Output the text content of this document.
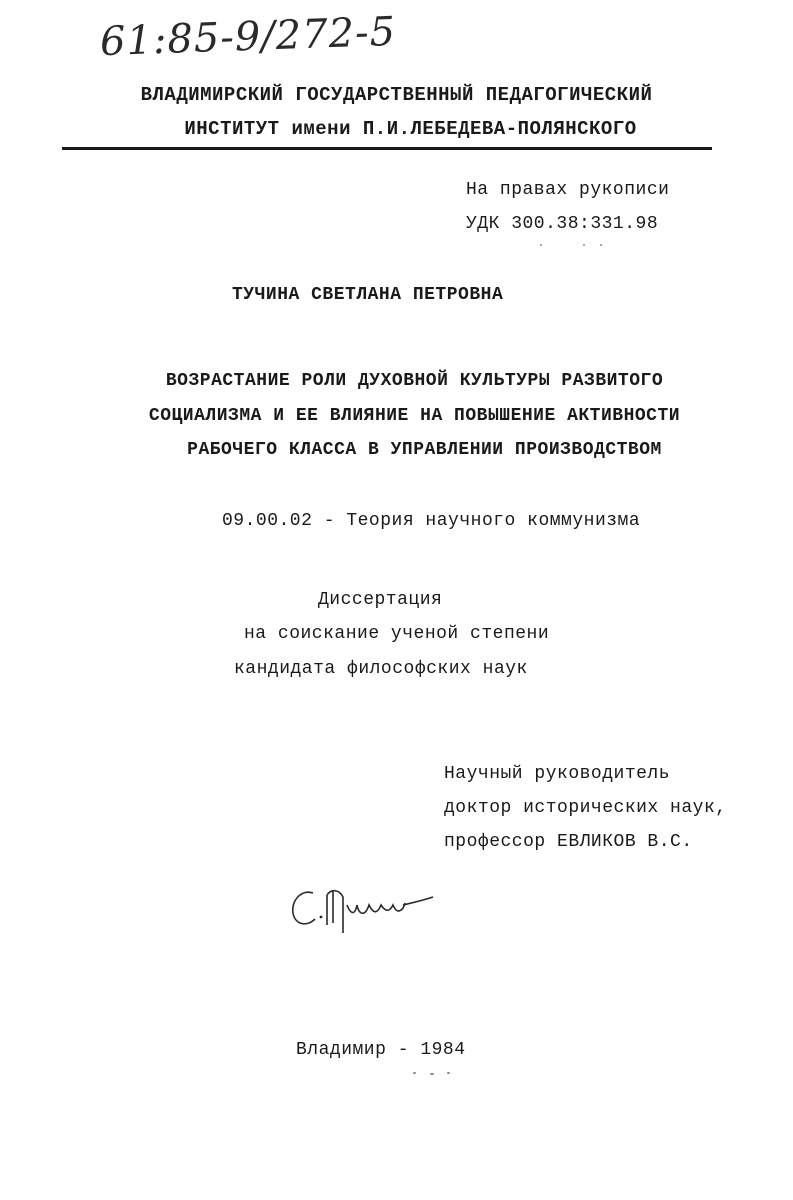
61:85-9/272-5
ВЛАДИМИРСКИЙ ГОСУДАРСТВЕННЫЙ ПЕДАГОГИЧЕСКИЙ
ИНСТИТУТ имени П.И.ЛЕБЕДЕВА-ПОЛЯНСКОГО
На правах рукописи
УДК 300.38:331.98
ТУЧИНА СВЕТЛАНА ПЕТРОВНА
ВОЗРАСТАНИЕ РОЛИ ДУХОВНОЙ КУЛЬТУРЫ РАЗВИТОГО
СОЦИАЛИЗМА И ЕЕ ВЛИЯНИЕ НА ПОВЫШЕНИЕ АКТИВНОСТИ
РАБОЧЕГО КЛАССА В УПРАВЛЕНИИ ПРОИЗВОДСТВОМ
09.00.02 - Теория научного коммунизма
Диссертация
на соискание ученой степени
кандидата философских наук
Научный руководитель
доктор исторических наук,
профессор ЕВЛИКОВ В.С.
Владимир - 1984
